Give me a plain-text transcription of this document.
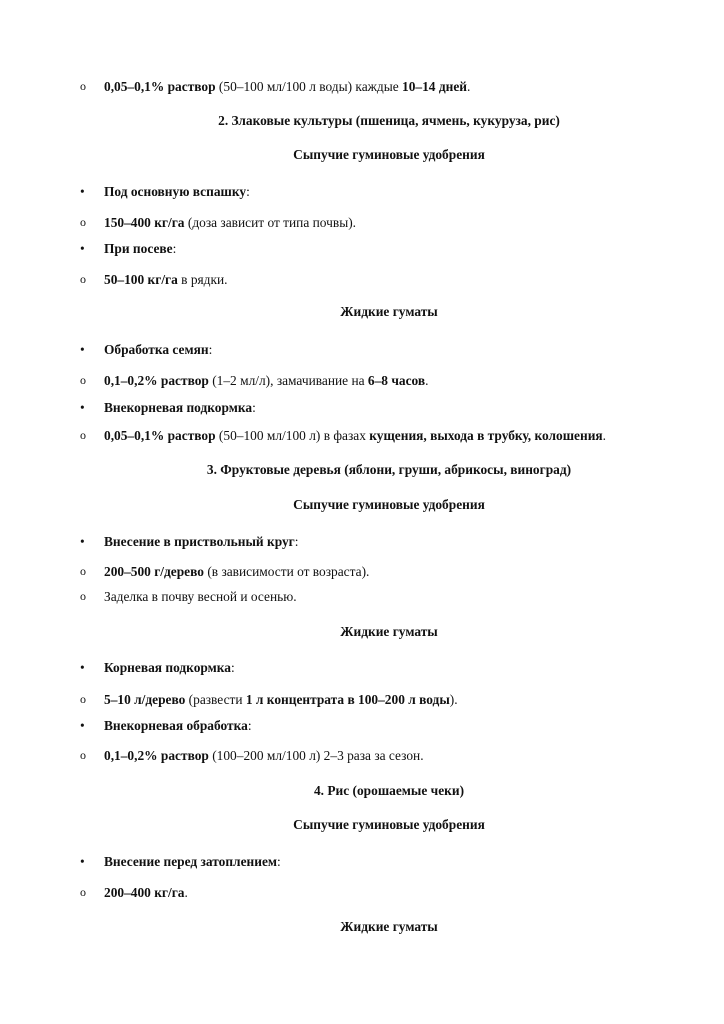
o 0,05–0,1% раствор (50–100 мл/100 л воды) каждые 10–14 дней.
2. Злаковые культуры (пшеница, ячмень, кукуруза, рис)
Сыпучие гуминовые удобрения
• Под основную вспашку:
o 150–400 кг/га (доза зависит от типа почвы).
• При посеве:
o 50–100 кг/га в рядки.
Жидкие гуматы
• Обработка семян:
o 0,1–0,2% раствор (1–2 мл/л), замачивание на 6–8 часов.
• Внекорневая подкормка:
o 0,05–0,1% раствор (50–100 мл/100 л) в фазах кущения, выхода в трубку, колошения.
3. Фруктовые деревья (яблони, груши, абрикосы, виноград)
Сыпучие гуминовые удобрения
• Внесение в приствольный круг:
o 200–500 г/дерево (в зависимости от возраста).
o Заделка в почву весной и осенью.
Жидкие гуматы
• Корневая подкормка:
o 5–10 л/дерево (развести 1 л концентрата в 100–200 л воды).
• Внекорневая обработка:
o 0,1–0,2% раствор (100–200 мл/100 л) 2–3 раза за сезон.
4. Рис (орошаемые чеки)
Сыпучие гуминовые удобрения
• Внесение перед затоплением:
o 200–400 кг/га.
Жидкие гуматы
